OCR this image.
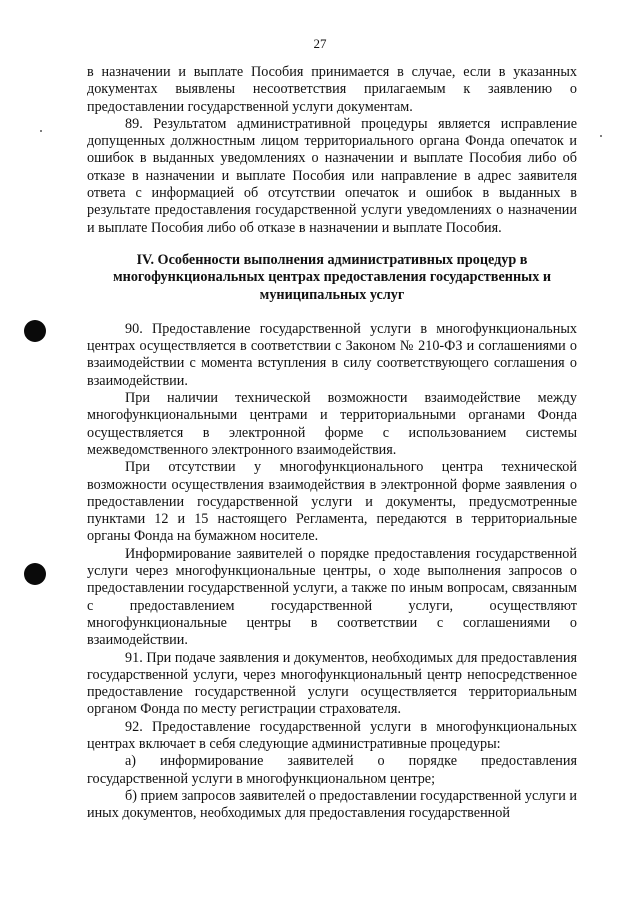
27

в назначении и выплате Пособия принимается в случае, если в указанных документах выявлены несоответствия прилагаемым к заявлению о предоставлении государственной услуги документам.

89. Результатом административной процедуры является исправление допущенных должностным лицом территориального органа Фонда опечаток и ошибок в выданных уведомлениях о назначении и выплате Пособия либо об отказе в назначении и выплате Пособия или направление в адрес заявителя ответа с информацией об отсутствии опечаток и ошибок в выданных в результате предоставления государственной услуги уведомлениях о назначении и выплате Пособия либо об отказе в назначении и выплате Пособия.

IV. Особенности выполнения административных процедур в многофункциональных центрах предоставления государственных и муниципальных услуг

90. Предоставление государственной услуги в многофункциональных центрах осуществляется в соответствии с Законом № 210-ФЗ и соглашениями о взаимодействии с момента вступления в силу соответствующего соглашения о взаимодействии.

При наличии технической возможности взаимодействие между многофункциональными центрами и территориальными органами Фонда осуществляется в электронной форме с использованием системы межведомственного электронного взаимодействия.

При отсутствии у многофункционального центра технической возможности осуществления взаимодействия в электронной форме заявления о предоставлении государственной услуги и документы, предусмотренные пунктами 12 и 15 настоящего Регламента, передаются в территориальные органы Фонда на бумажном носителе.

Информирование заявителей о порядке предоставления государственной услуги через многофункциональные центры, о ходе выполнения запросов о предоставлении государственной услуги, а также по иным вопросам, связанным с предоставлением государственной услуги, осуществляют многофункциональные центры в соответствии с соглашениями о взаимодействии.

91. При подаче заявления и документов, необходимых для предоставления государственной услуги, через многофункциональный центр непосредственное предоставление государственной услуги осуществляется территориальным органом Фонда по месту регистрации страхователя.

92. Предоставление государственной услуги в многофункциональных центрах включает в себя следующие административные процедуры:

а) информирование заявителей о порядке предоставления государственной услуги в многофункциональном центре;

б) прием запросов заявителей о предоставлении государственной услуги и иных документов, необходимых для предоставления государственной
